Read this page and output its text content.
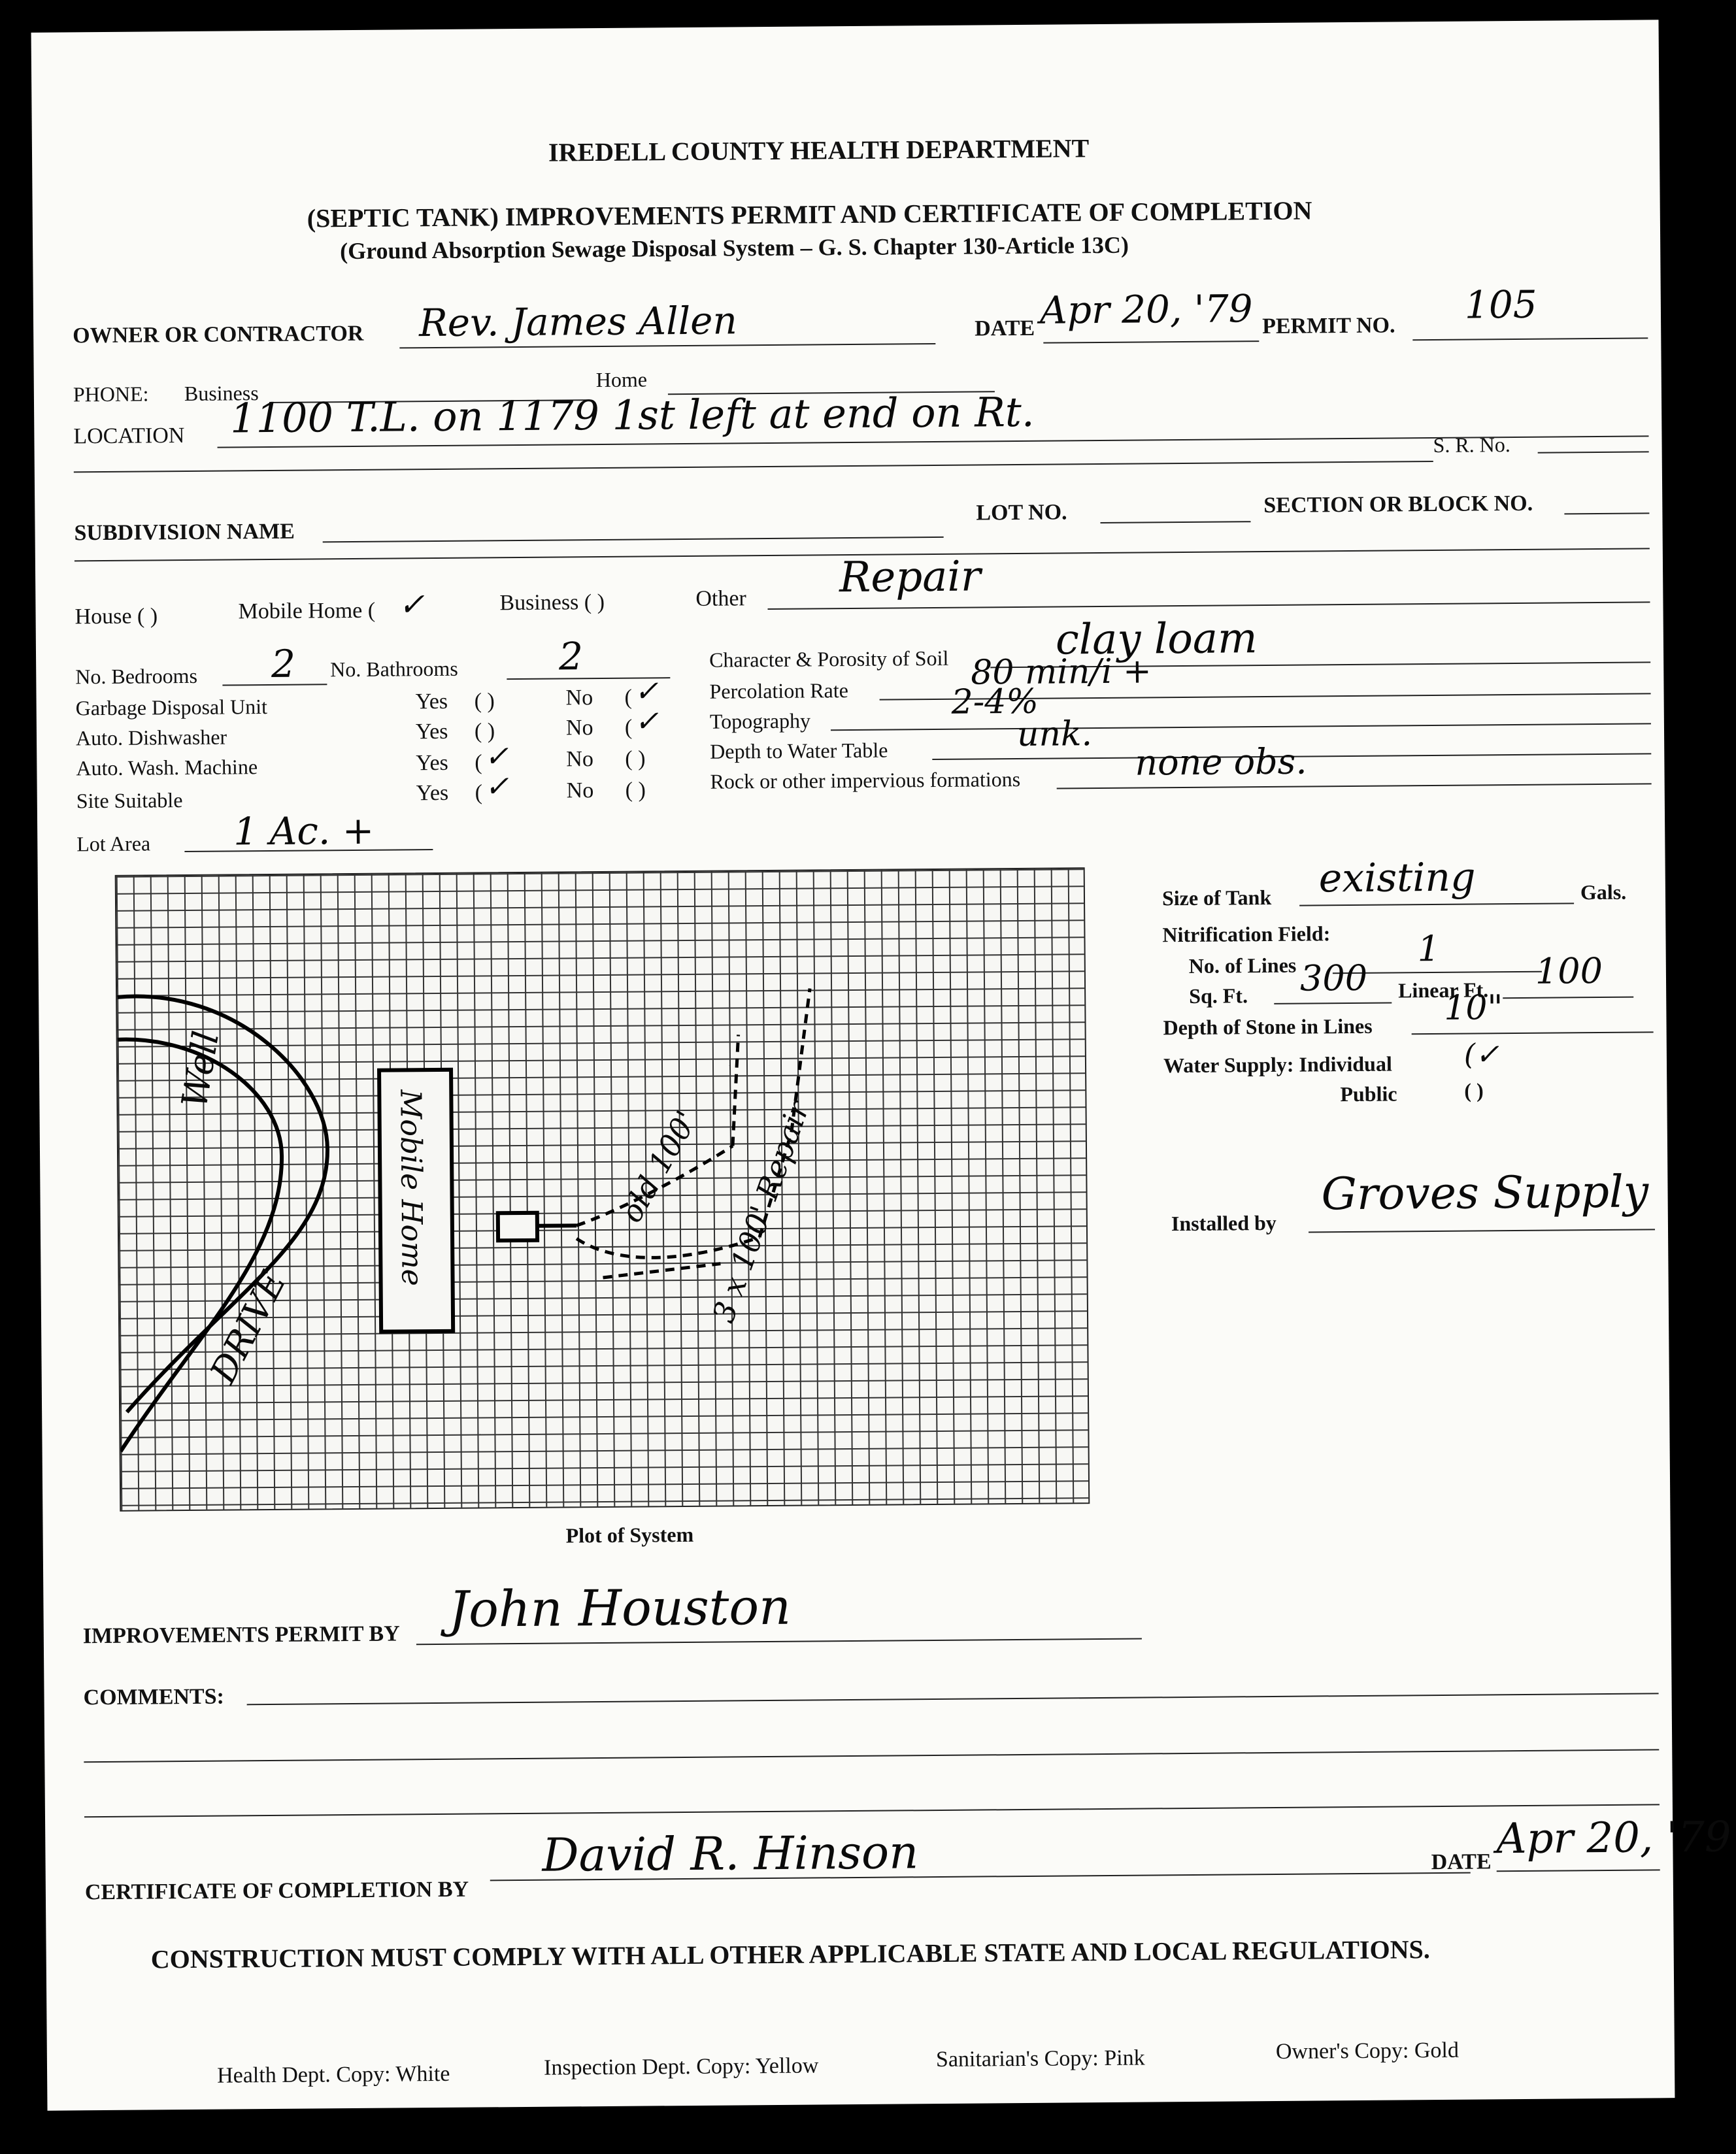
IREDELL COUNTY HEALTH DEPARTMENT
(SEPTIC TANK) IMPROVEMENTS PERMIT AND CERTIFICATE OF COMPLETION
(Ground Absorption Sewage Disposal System – G. S. Chapter 130-Article 13C)
OWNER OR CONTRACTOR Rev. James Allen	DATE Apr 20, '79 PERMIT NO. 105
PHONE: Business
Home
LOCATION 1100 T.L. on 1179 1st left at end on Rt.
S. R. No.
SUBDIVISION NAME
LOT NO.	SECTION OR BLOCK NO.
House ( )	Mobile Home ( ✓	Business ( )	Other Repair
No. Bedrooms 2 No. Bathrooms	2
Garbage Disposal Unit	Yes ( )	No ( ✓
Auto. Dishwasher	Yes ( )	No ( ✓
Auto. Wash. Machine	Yes ( ✓	No ( )
Site Suitable	Yes ( ✓	No ( )
Lot Area 1 Ac. +
Character & Porosity of Soil	clay loam
Percolation Rate	80 min/i +
Topography	2-4%
Depth to Water Table	unk.
Rock or other impervious formations	none obs.
Well
DRIVE
Mobile Home	old 100' 3 x 100' Repair
Plot of System
Size of Tank existing	Gals.
Nitrification Field:
No. of Lines	1
Sq. Ft. 300 Linear Ft. 100
Depth of Stone in Lines 10"
Water Supply: Individual (✓
Public	( )
Installed by
Groves Supply
IMPROVEMENTS PERMIT BY John Houston
COMMENTS:
CERTIFICATE OF COMPLETION BY
David R. Hinson	DATE Apr 20, '79
CONSTRUCTION MUST COMPLY WITH ALL OTHER APPLICABLE STATE AND LOCAL REGULATIONS.
Health Dept. Copy: White	Inspection Dept. Copy: Yellow	Sanitarian's Copy: Pink	Owner's Copy: Gold
